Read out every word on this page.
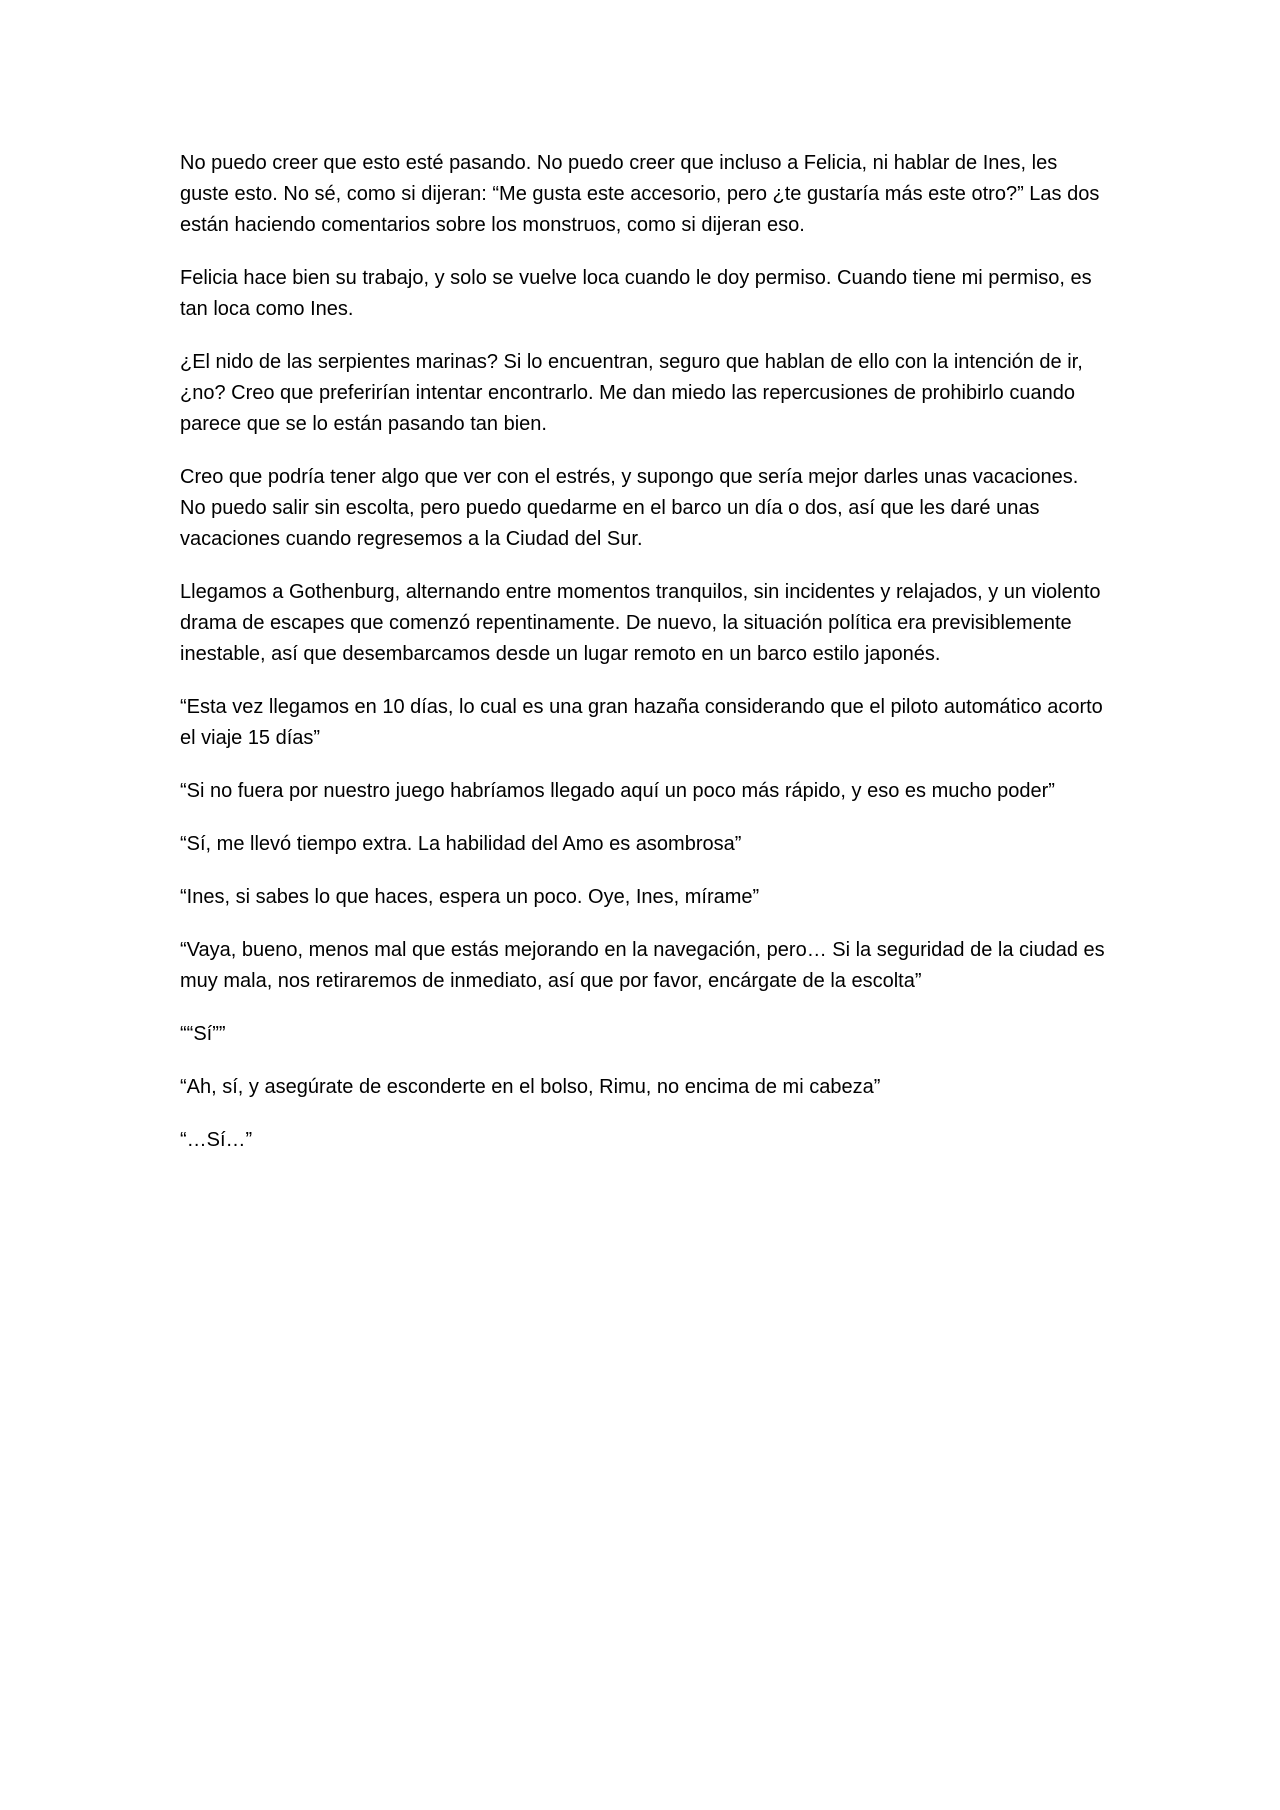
No puedo creer que esto esté pasando. No puedo creer que incluso a Felicia, ni hablar de Ines, les guste esto. No sé, como si dijeran: “Me gusta este accesorio, pero ¿te gustaría más este otro?” Las dos están haciendo comentarios sobre los monstruos, como si dijeran eso.

Felicia hace bien su trabajo, y solo se vuelve loca cuando le doy permiso. Cuando tiene mi permiso, es tan loca como Ines.

¿El nido de las serpientes marinas? Si lo encuentran, seguro que hablan de ello con la intención de ir, ¿no? Creo que preferirían intentar encontrarlo. Me dan miedo las repercusiones de prohibirlo cuando parece que se lo están pasando tan bien.

Creo que podría tener algo que ver con el estrés, y supongo que sería mejor darles unas vacaciones. No puedo salir sin escolta, pero puedo quedarme en el barco un día o dos, así que les daré unas vacaciones cuando regresemos a la Ciudad del Sur.

Llegamos a Gothenburg, alternando entre momentos tranquilos, sin incidentes y relajados, y un violento drama de escapes que comenzó repentinamente. De nuevo, la situación política era previsiblemente inestable, así que desembarcamos desde un lugar remoto en un barco estilo japonés.

“Esta vez llegamos en 10 días, lo cual es una gran hazaña considerando que el piloto automático acorto el viaje 15 días”

“Si no fuera por nuestro juego habríamos llegado aquí un poco más rápido, y eso es mucho poder”

“Sí, me llevó tiempo extra. La habilidad del Amo es asombrosa”

“Ines, si sabes lo que haces, espera un poco. Oye, Ines, mírame”

“Vaya, bueno, menos mal que estás mejorando en la navegación, pero… Si la seguridad de la ciudad es muy mala, nos retiraremos de inmediato, así que por favor, encárgate de la escolta”

““Sí””

“Ah, sí, y asegúrate de esconderte en el bolso, Rimu, no encima de mi cabeza”

“…Sí…”
